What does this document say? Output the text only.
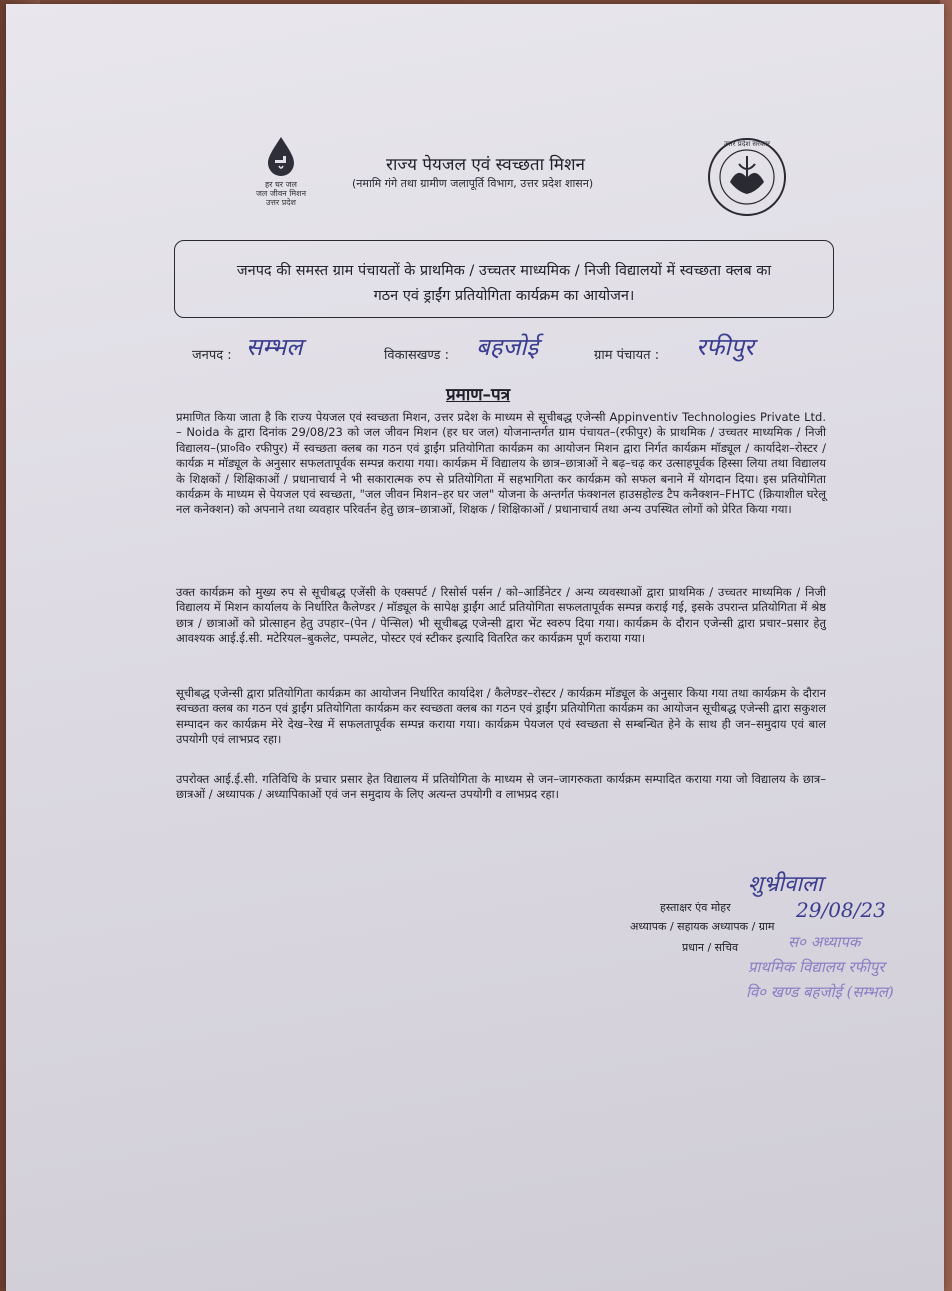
हर घर जल
जल जीवन मिशन
उत्तर प्रदेश
राज्य पेयजल एवं स्वच्छता मिशन
(नमामि गंगे तथा ग्रामीण जलापूर्ति विभाग, उत्तर प्रदेश शासन)
उत्तर प्रदेश सरकार
जनपद की समस्त ग्राम पंचायतों के प्राथमिक / उच्चतर माध्यमिक / निजी विद्यालयों में स्वच्छता क्लब का
गठन एवं ड्राईंग प्रतियोगिता कार्यक्रम का आयोजन।
जनपद : सम्भल	विकासखण्ड : बहजोई	ग्राम पंचायत : रफीपुर
प्रमाण–पत्र
प्रमाणित किया जाता है कि राज्य पेयजल एवं स्वच्छता मिशन, उत्तर प्रदेश के माध्यम से सूचीबद्ध एजेन्सी Appinventiv Technologies Private Ltd. – Noida के द्वारा दिनांक 29/08/23 को जल जीवन मिशन (हर घर जल) योजनान्तर्गत ग्राम पंचायत–(रफीपुर) के प्राथमिक / उच्चतर माध्यमिक / निजी विद्यालय–(प्रा०वि० रफीपुर) में स्वच्छता क्लब का गठन एवं ड्राईंग प्रतियोगिता कार्यक्रम का आयोजन मिशन द्वारा निर्गत कार्यक्रम मॉड्यूल / कार्यादेश–रोस्टर / कार्यक्र म मॉड्यूल के अनुसार सफलतापूर्वक सम्पन्न कराया गया। कार्यक्रम में विद्यालय के छात्र–छात्राओं ने बढ़–चढ़ कर उत्साहपूर्वक हिस्सा लिया तथा विद्यालय के शिक्षकों / शिक्षिकाओं / प्रधानाचार्य ने भी सकारात्मक रुप से प्रतियोगिता में सहभागिता कर कार्यक्रम को सफल बनाने में योगदान दिया। इस प्रतियोगिता कार्यक्रम के माध्यम से पेयजल एवं स्वच्छता, "जल जीवन मिशन–हर घर जल" योजना के अन्तर्गत फंक्शनल हाउसहोल्ड टैप कनैक्शन–FHTC (क्रियाशील घरेलू नल कनेक्शन) को अपनाने तथा व्यवहार परिवर्तन हेतु छात्र–छात्राओं, शिक्षक / शिक्षिकाओं / प्रधानाचार्य तथा अन्य उपस्थित लोगों को प्रेरित किया गया।
उक्त कार्यक्रम को मुख्य रुप से सूचीबद्ध एजेंसी के एक्सपर्ट / रिसोर्स पर्सन / को–आर्डिनेटर / अन्य व्यवस्थाओं द्वारा प्राथमिक / उच्चतर माध्यमिक / निजी विद्यालय में मिशन कार्यालय के निर्धारित कैलेण्डर / मॉड्यूल के सापेक्ष ड्राईंग आर्ट प्रतियोगिता सफलतापूर्वक सम्पन्न कराई गई, इसके उपरान्त प्रतियोगिता में श्रेष्ठ छात्र / छात्राओं को प्रोत्साहन हेतु उपहार–(पेन / पेन्सिल) भी सूचीबद्ध एजेन्सी द्वारा भेंट स्वरुप दिया गया। कार्यक्रम के दौरान एजेन्सी द्वारा प्रचार–प्रसार हेतु आवश्यक आई.ई.सी. मटेरियल–बुकलेट, पम्पलेट, पोस्टर एवं स्टीकर इत्यादि वितरित कर कार्यक्रम पूर्ण कराया गया।
सूचीबद्ध एजेन्सी द्वारा प्रतियोगिता कार्यक्रम का आयोजन निर्धारित कार्यादेश / कैलेण्डर–रोस्टर / कार्यक्रम मॉड्यूल के अनुसार किया गया तथा कार्यक्रम के दौरान स्वच्छता क्लब का गठन एवं ड्राईंग प्रतियोगिता कार्यक्रम कर स्वच्छता क्लब का गठन एवं ड्राईंग प्रतियोगिता कार्यक्रम का आयोजन सूचीबद्ध एजेन्सी द्वारा सकुशल सम्पादन कर कार्यक्रम मेरे देख–रेख में सफलतापूर्वक सम्पन्न कराया गया। कार्यक्रम पेयजल एवं स्वच्छता से सम्बन्धित हेने के साथ ही जन–समुदाय एवं बाल उपयोगी एवं लाभप्रद रहा।
उपरोक्त आई.ई.सी. गतिविधि के प्रचार प्रसार हेत विद्यालय में प्रतियोगिता के माध्यम से जन–जागरुकता कार्यक्रम सम्पादित कराया गया जो विद्यालय के छात्र–छात्रओं / अध्यापक / अध्यापिकाओं एवं जन समुदाय के लिए अत्यन्त उपयोगी व लाभप्रद रहा।
शुभ्रीवाला
29/08/23
हस्ताक्षर एंव मोहर
अध्यापक / सहायक अध्यापक / ग्राम
प्रधान / सचिव	स० अध्यापक
प्राथमिक विद्यालय रफीपुर
वि० खण्ड बहजोई (सम्भल)
